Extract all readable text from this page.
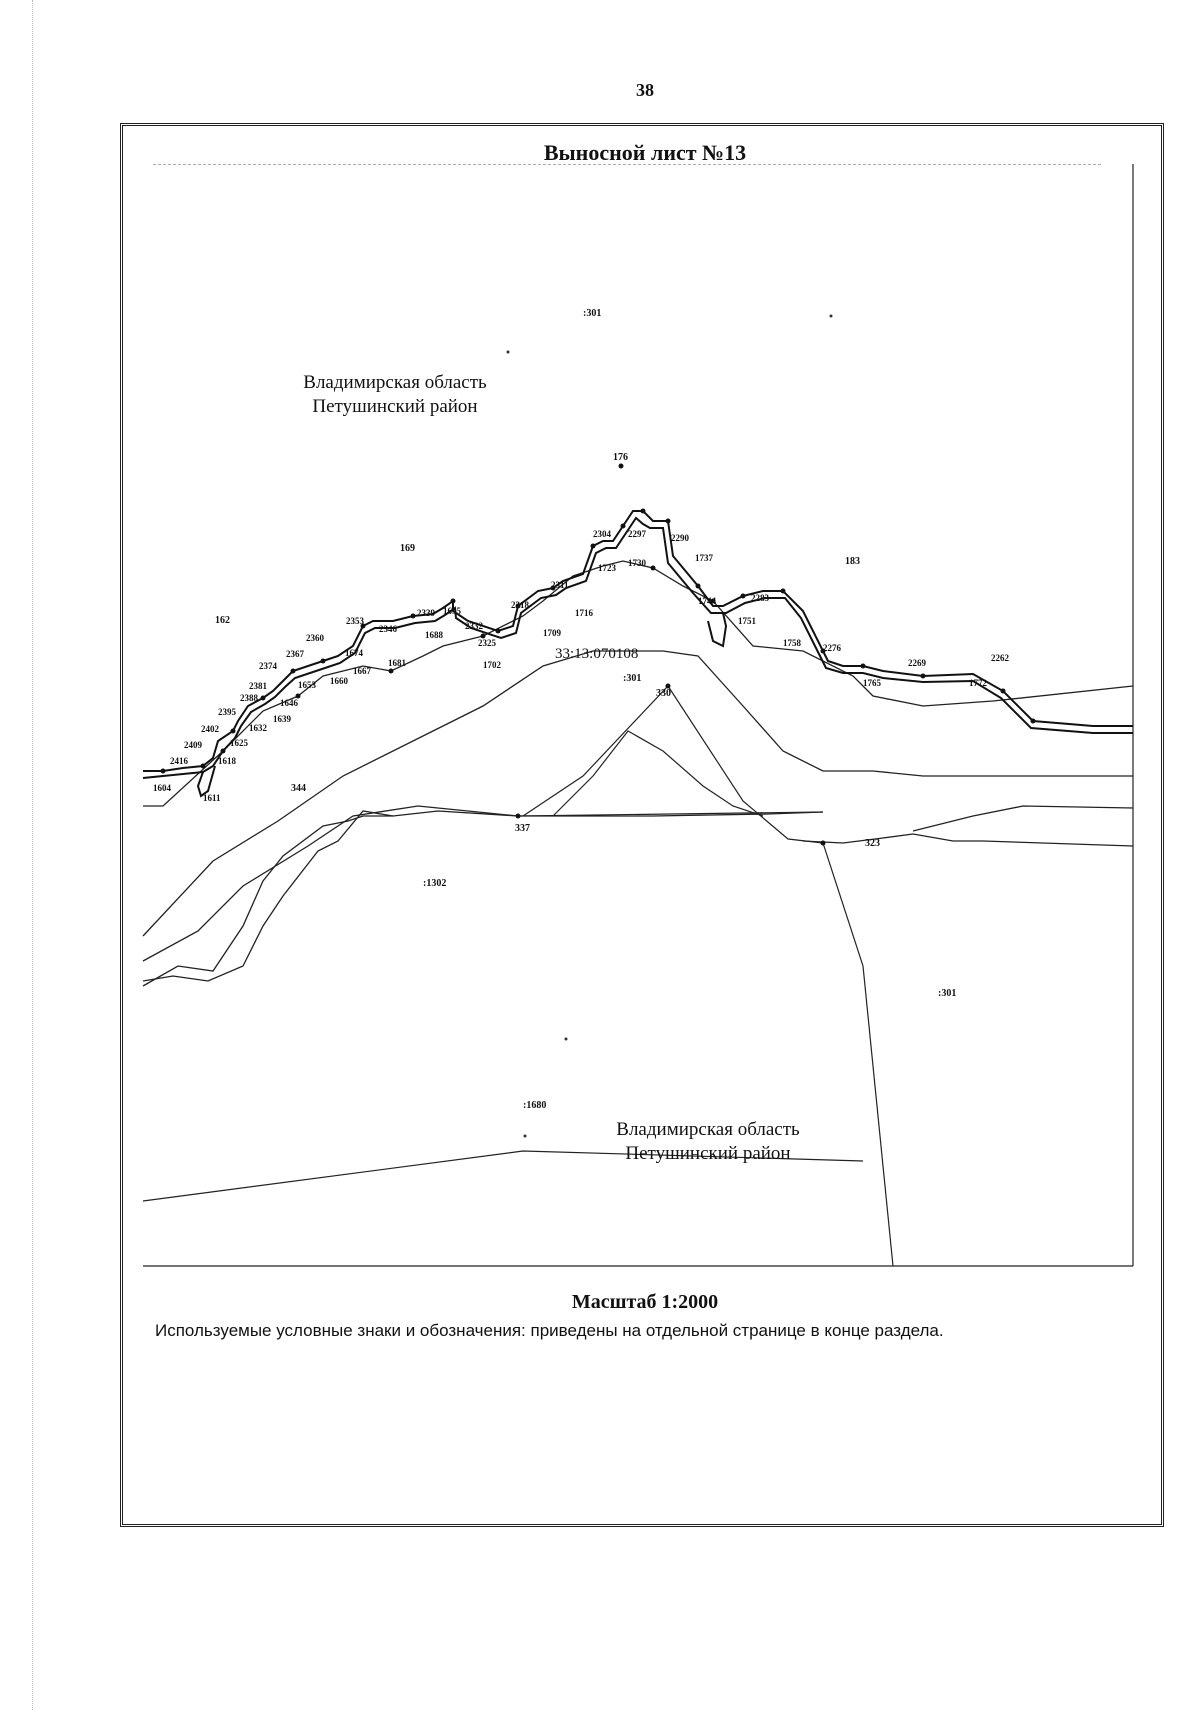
38
Выносной лист №13
176
169
183
162
344
337
330
323
2304 2297	2290
1737
1723 1730
2311
1716
2318
1709
1744	2283
1751
1758 2276
2269	2262
1765	1772
2339 1695
2332
1688
2325
1702
2353
2346
2360
1674
1681
1667
1660
2367
2374
1653
2381
1646
2388
1639
2395
1632
2402
1625
2409
1618
2416
1604
1611
33:13:070108
:301
:301
:1302
:301
:1680
Владимирская область
Петушинский район
Владимирская область
Петушинский район
Масштаб 1:2000
Используемые условные знаки и обозначения: приведены на отдельной странице в конце раздела.
